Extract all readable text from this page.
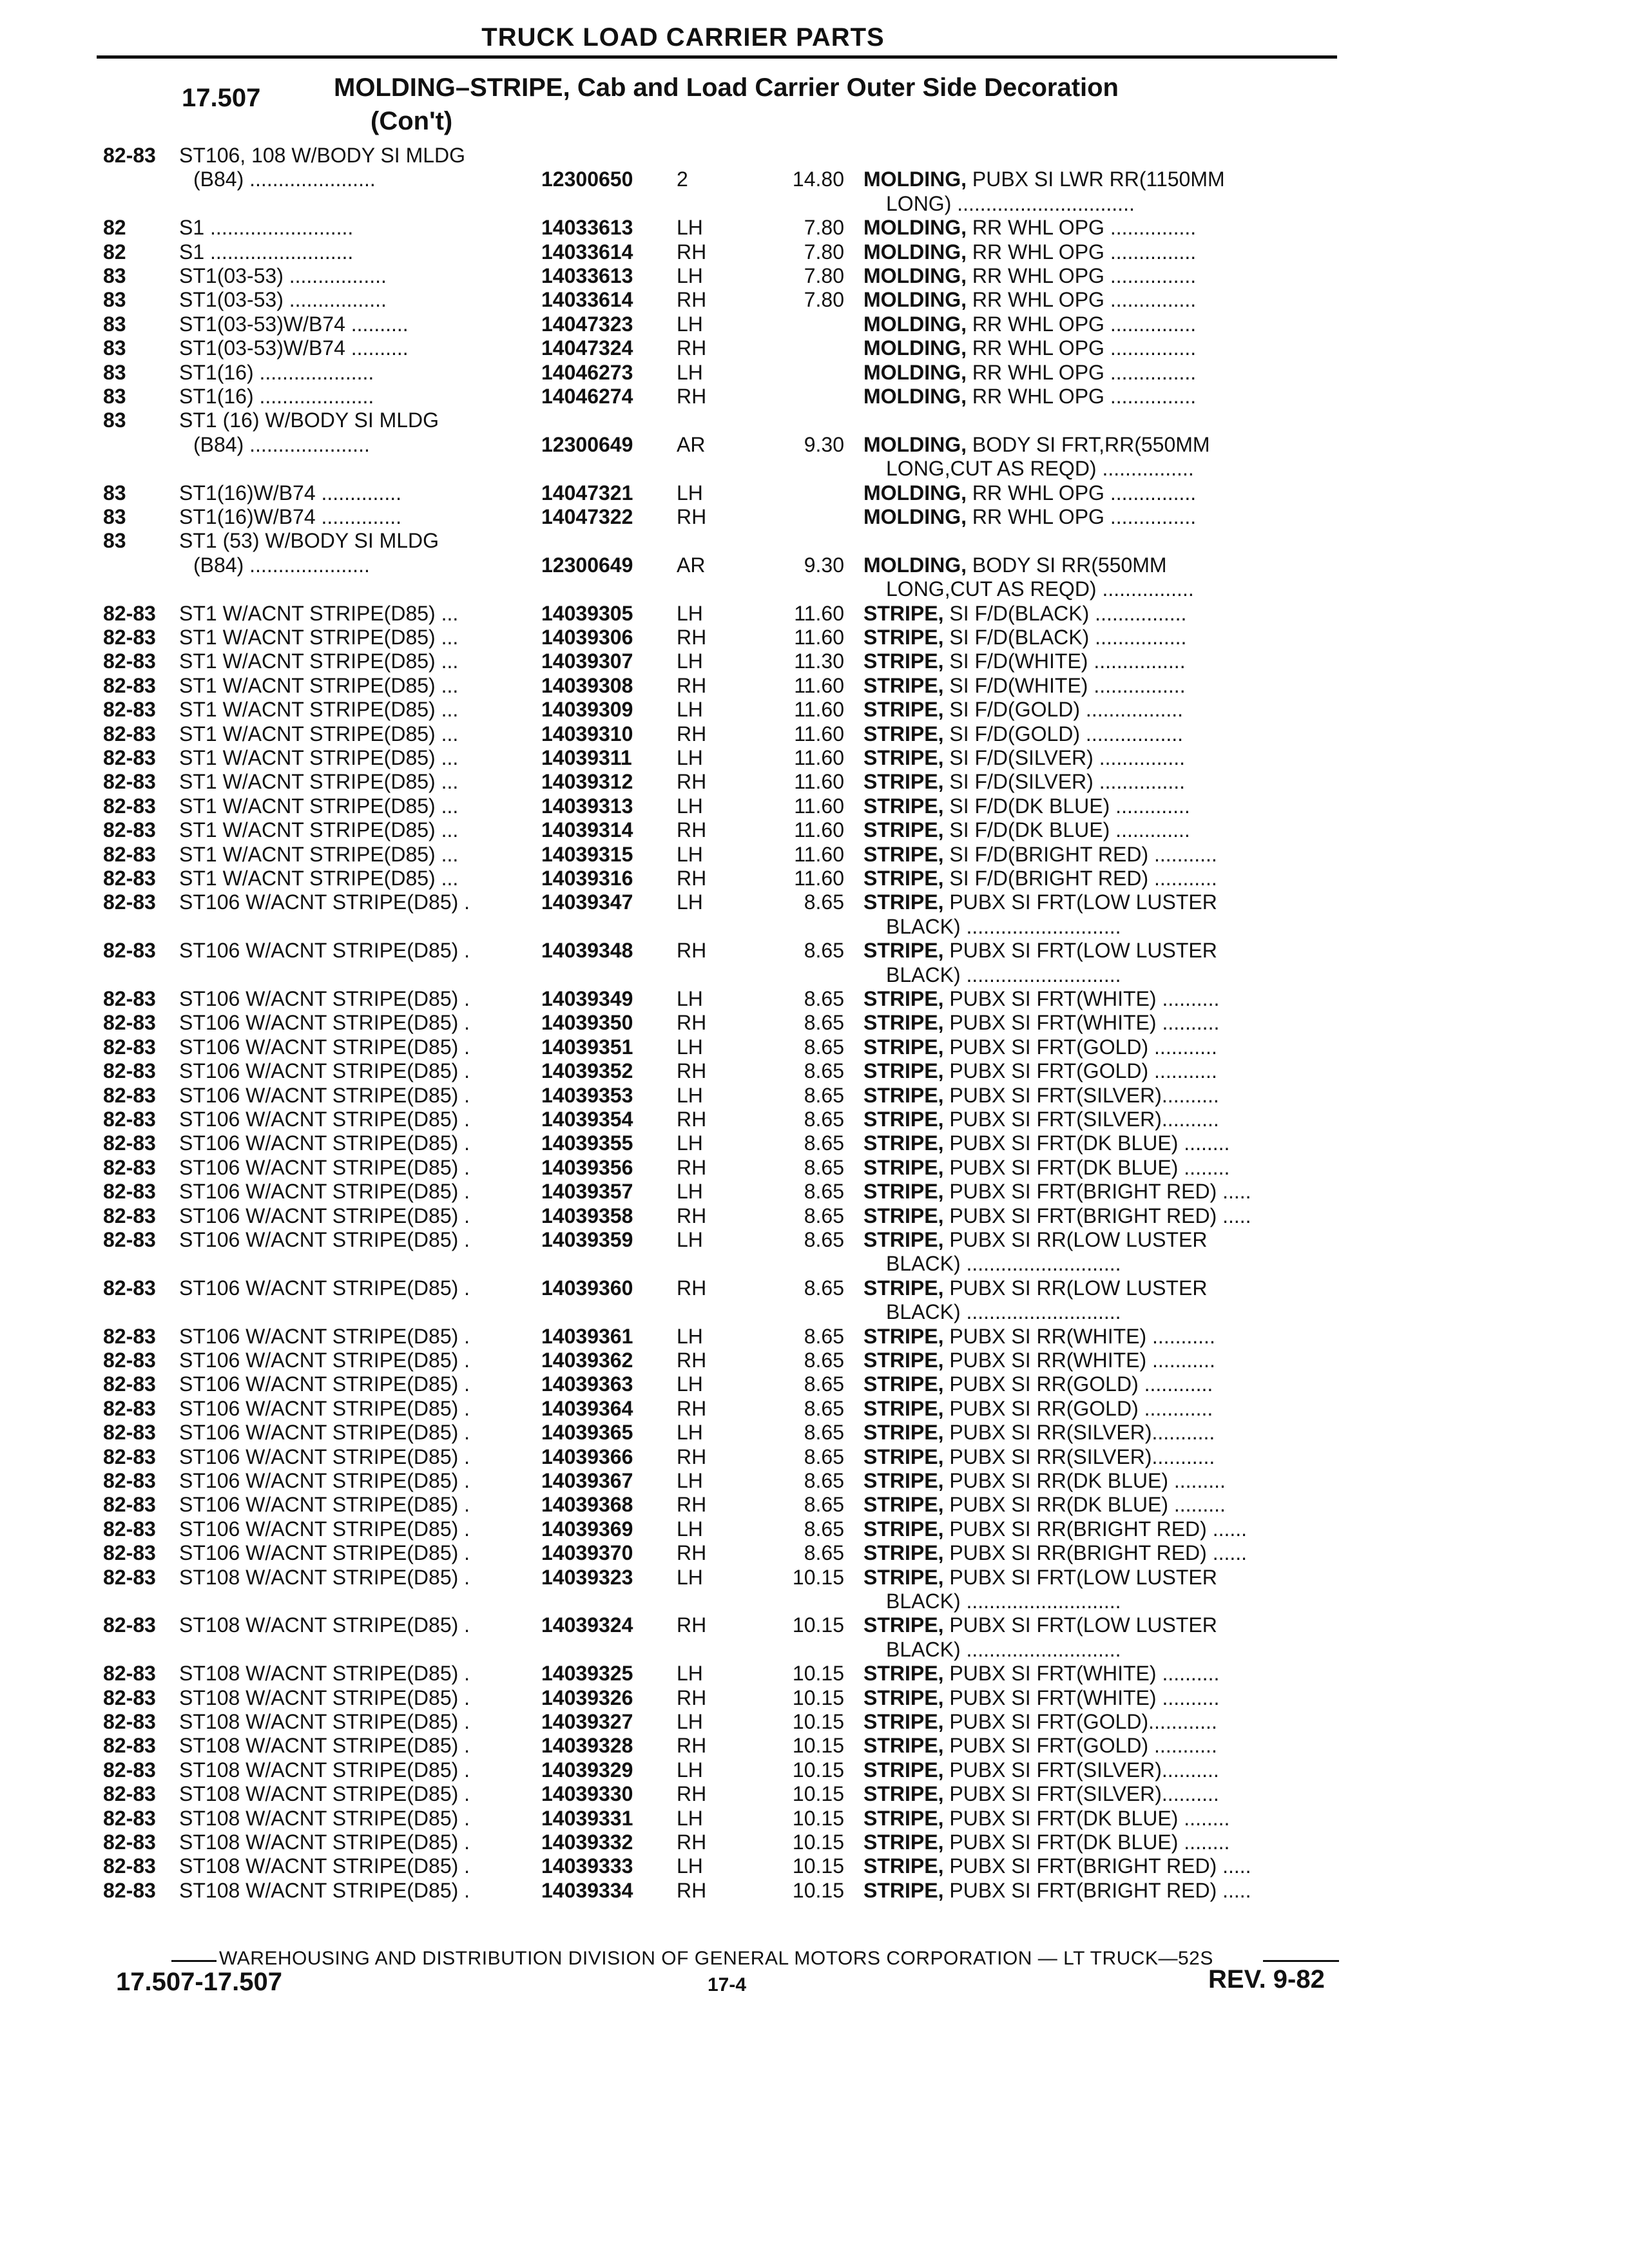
TRUCK LOAD CARRIER PARTS
17.507	MOLDING–STRIPE, Cab and Load Carrier Outer Side Decoration
(Con't)
82-83 ST106, 108 W/BODY SI MLDG
(B84) ......................	12300650 2	14.80 MOLDING, PUBX SI LWR RR(1150MM
LONG) ...............................
82	S1 .........................	14033613 LH	7.80 MOLDING, RR WHL OPG ...............
82	S1 .........................	14033614 RH	7.80 MOLDING, RR WHL OPG ...............
83	ST1(03-53) .................	14033613 LH	7.80 MOLDING, RR WHL OPG ...............
83	ST1(03-53) .................	14033614 RH	7.80 MOLDING, RR WHL OPG ...............
83	ST1(03-53)W/B74 ..........	14047323 LH	MOLDING, RR WHL OPG ...............
83	ST1(03-53)W/B74 ..........	14047324 RH	MOLDING, RR WHL OPG ...............
83	ST1(16) ....................	14046273 LH	MOLDING, RR WHL OPG ...............
83	ST1(16) ....................	14046274 RH	MOLDING, RR WHL OPG ...............
83	ST1 (16) W/BODY SI MLDG
(B84) .....................	12300649 AR	9.30 MOLDING, BODY SI FRT,RR(550MM
LONG,CUT AS REQD) ................
83	ST1(16)W/B74 ..............	14047321 LH	MOLDING, RR WHL OPG ...............
83	ST1(16)W/B74 ..............	14047322 RH	MOLDING, RR WHL OPG ...............
83	ST1 (53) W/BODY SI MLDG
(B84) .....................	12300649 AR	9.30 MOLDING, BODY SI RR(550MM
LONG,CUT AS REQD) ................
82-83 ST1 W/ACNT STRIPE(D85) ...	14039305 LH	11.60 STRIPE, SI F/D(BLACK) ................
82-83 ST1 W/ACNT STRIPE(D85) ...	14039306 RH	11.60 STRIPE, SI F/D(BLACK) ................
82-83 ST1 W/ACNT STRIPE(D85) ...	14039307 LH	11.30 STRIPE, SI F/D(WHITE) ................
82-83 ST1 W/ACNT STRIPE(D85) ...	14039308 RH	11.60 STRIPE, SI F/D(WHITE) ................
82-83 ST1 W/ACNT STRIPE(D85) ...	14039309 LH	11.60 STRIPE, SI F/D(GOLD) .................
82-83 ST1 W/ACNT STRIPE(D85) ...	14039310 RH	11.60 STRIPE, SI F/D(GOLD) .................
82-83 ST1 W/ACNT STRIPE(D85) ...	14039311 LH	11.60 STRIPE, SI F/D(SILVER) ...............
82-83 ST1 W/ACNT STRIPE(D85) ...	14039312 RH	11.60 STRIPE, SI F/D(SILVER) ...............
82-83 ST1 W/ACNT STRIPE(D85) ...	14039313 LH	11.60 STRIPE, SI F/D(DK BLUE) .............
82-83 ST1 W/ACNT STRIPE(D85) ...	14039314 RH	11.60 STRIPE, SI F/D(DK BLUE) .............
82-83 ST1 W/ACNT STRIPE(D85) ...	14039315 LH	11.60 STRIPE, SI F/D(BRIGHT RED) ...........
82-83 ST1 W/ACNT STRIPE(D85) ...	14039316 RH	11.60 STRIPE, SI F/D(BRIGHT RED) ...........
82-83 ST106 W/ACNT STRIPE(D85) .	14039347 LH	8.65 STRIPE, PUBX SI FRT(LOW LUSTER
BLACK) ...........................
82-83 ST106 W/ACNT STRIPE(D85) .	14039348 RH	8.65 STRIPE, PUBX SI FRT(LOW LUSTER
BLACK) ...........................
82-83 ST106 W/ACNT STRIPE(D85) .	14039349 LH	8.65 STRIPE, PUBX SI FRT(WHITE) ..........
82-83 ST106 W/ACNT STRIPE(D85) .	14039350 RH	8.65 STRIPE, PUBX SI FRT(WHITE) ..........
82-83 ST106 W/ACNT STRIPE(D85) .	14039351 LH	8.65 STRIPE, PUBX SI FRT(GOLD) ...........
82-83 ST106 W/ACNT STRIPE(D85) .	14039352 RH	8.65 STRIPE, PUBX SI FRT(GOLD) ...........
82-83 ST106 W/ACNT STRIPE(D85) .	14039353 LH	8.65 STRIPE, PUBX SI FRT(SILVER)..........
82-83 ST106 W/ACNT STRIPE(D85) .	14039354 RH	8.65 STRIPE, PUBX SI FRT(SILVER)..........
82-83 ST106 W/ACNT STRIPE(D85) .	14039355 LH	8.65 STRIPE, PUBX SI FRT(DK BLUE) ........
82-83 ST106 W/ACNT STRIPE(D85) .	14039356 RH	8.65 STRIPE, PUBX SI FRT(DK BLUE) ........
82-83 ST106 W/ACNT STRIPE(D85) .	14039357 LH	8.65 STRIPE, PUBX SI FRT(BRIGHT RED) .....
82-83 ST106 W/ACNT STRIPE(D85) .	14039358 RH	8.65 STRIPE, PUBX SI FRT(BRIGHT RED) .....
82-83 ST106 W/ACNT STRIPE(D85) .	14039359 LH	8.65 STRIPE, PUBX SI RR(LOW LUSTER
BLACK) ...........................
82-83 ST106 W/ACNT STRIPE(D85) .	14039360 RH	8.65 STRIPE, PUBX SI RR(LOW LUSTER
BLACK) ...........................
82-83 ST106 W/ACNT STRIPE(D85) .	14039361 LH	8.65 STRIPE, PUBX SI RR(WHITE) ...........
82-83 ST106 W/ACNT STRIPE(D85) .	14039362 RH	8.65 STRIPE, PUBX SI RR(WHITE) ...........
82-83 ST106 W/ACNT STRIPE(D85) .	14039363 LH	8.65 STRIPE, PUBX SI RR(GOLD) ............
82-83 ST106 W/ACNT STRIPE(D85) .	14039364 RH	8.65 STRIPE, PUBX SI RR(GOLD) ............
82-83 ST106 W/ACNT STRIPE(D85) .	14039365 LH	8.65 STRIPE, PUBX SI RR(SILVER)...........
82-83 ST106 W/ACNT STRIPE(D85) .	14039366 RH	8.65 STRIPE, PUBX SI RR(SILVER)...........
82-83 ST106 W/ACNT STRIPE(D85) .	14039367 LH	8.65 STRIPE, PUBX SI RR(DK BLUE) .........
82-83 ST106 W/ACNT STRIPE(D85) .	14039368 RH	8.65 STRIPE, PUBX SI RR(DK BLUE) .........
82-83 ST106 W/ACNT STRIPE(D85) .	14039369 LH	8.65 STRIPE, PUBX SI RR(BRIGHT RED) ......
82-83 ST106 W/ACNT STRIPE(D85) .	14039370 RH	8.65 STRIPE, PUBX SI RR(BRIGHT RED) ......
82-83 ST108 W/ACNT STRIPE(D85) .	14039323 LH	10.15 STRIPE, PUBX SI FRT(LOW LUSTER
BLACK) ...........................
82-83 ST108 W/ACNT STRIPE(D85) .	14039324 RH	10.15 STRIPE, PUBX SI FRT(LOW LUSTER
BLACK) ...........................
82-83 ST108 W/ACNT STRIPE(D85) .	14039325 LH	10.15 STRIPE, PUBX SI FRT(WHITE) ..........
82-83 ST108 W/ACNT STRIPE(D85) .	14039326 RH	10.15 STRIPE, PUBX SI FRT(WHITE) ..........
82-83 ST108 W/ACNT STRIPE(D85) .	14039327 LH	10.15 STRIPE, PUBX SI FRT(GOLD)............
82-83 ST108 W/ACNT STRIPE(D85) .	14039328 RH	10.15 STRIPE, PUBX SI FRT(GOLD) ...........
82-83 ST108 W/ACNT STRIPE(D85) .	14039329 LH	10.15 STRIPE, PUBX SI FRT(SILVER)..........
82-83 ST108 W/ACNT STRIPE(D85) .	14039330 RH	10.15 STRIPE, PUBX SI FRT(SILVER)..........
82-83 ST108 W/ACNT STRIPE(D85) .	14039331 LH	10.15 STRIPE, PUBX SI FRT(DK BLUE) ........
82-83 ST108 W/ACNT STRIPE(D85) .	14039332 RH	10.15 STRIPE, PUBX SI FRT(DK BLUE) ........
82-83 ST108 W/ACNT STRIPE(D85) .	14039333 LH	10.15 STRIPE, PUBX SI FRT(BRIGHT RED) .....
82-83 ST108 W/ACNT STRIPE(D85) .	14039334 RH	10.15 STRIPE, PUBX SI FRT(BRIGHT RED) .....
WAREHOUSING AND DISTRIBUTION DIVISION OF GENERAL MOTORS CORPORATION — LT TRUCK—52S
17.507-17.507	17-4	REV. 9-82
